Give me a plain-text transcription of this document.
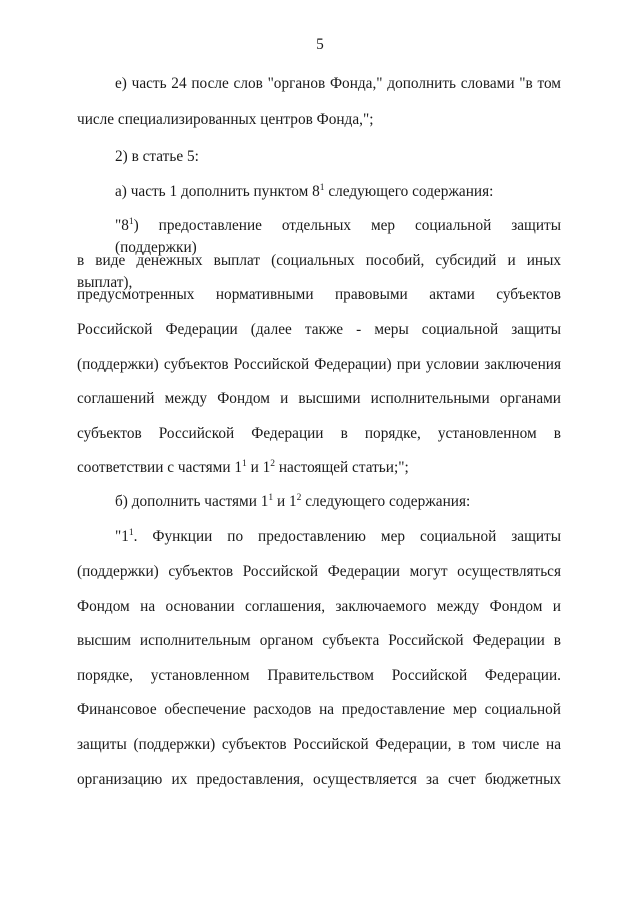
5
е) часть 24 после слов "органов Фонда," дополнить словами "в том
числе специализированных центров Фонда,";
2) в статье 5:
а) часть 1 дополнить пунктом $8^1$ следующего содержания:
"$8^1$) предоставление отдельных мер социальной защиты (поддержки)
в виде денежных выплат (социальных пособий, субсидий и иных выплат),
предусмотренных нормативными правовыми актами субъектов
Российской Федерации (далее также - меры социальной защиты
(поддержки) субъектов Российской Федерации) при условии заключения
соглашений между Фондом и высшими исполнительными органами
субъектов Российской Федерации в порядке, установленном в
соответствии с частями $1^1$ и $1^2$ настоящей статьи;";
б) дополнить частями $1^1$ и $1^2$ следующего содержания:
"$1^1$. Функции по предоставлению мер социальной защиты
(поддержки) субъектов Российской Федерации могут осуществляться
Фондом на основании соглашения, заключаемого между Фондом и
высшим исполнительным органом субъекта Российской Федерации в
порядке, установленном Правительством Российской Федерации.
Финансовое обеспечение расходов на предоставление мер социальной
защиты (поддержки) субъектов Российской Федерации, в том числе на
организацию их предоставления, осуществляется за счет бюджетных
